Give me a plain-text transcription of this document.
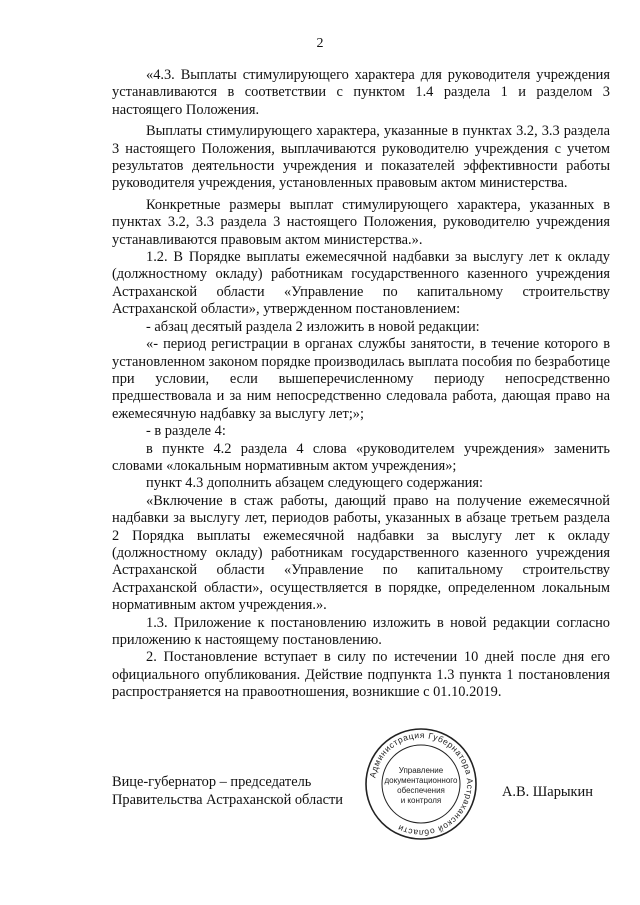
2

«4.3. Выплаты стимулирующего характера для руководителя учреждения устанавливаются в соответствии с пунктом 1.4 раздела 1 и разделом 3 настоящего Положения.

Выплаты стимулирующего характера, указанные в пунктах 3.2, 3.3 раздела 3 настоящего Положения, выплачиваются руководителю учреждения с учетом результатов деятельности учреждения и показателей эффективности работы руководителя учреждения, установленных правовым актом министерства.

Конкретные размеры выплат стимулирующего характера, указанных в пунктах 3.2, 3.3 раздела 3 настоящего Положения, руководителю учреждения устанавливаются правовым актом министерства.».

1.2. В Порядке выплаты ежемесячной надбавки за выслугу лет к окладу (должностному окладу) работникам государственного казенного учреждения Астраханской области «Управление по капитальному строительству Астраханской области», утвержденном постановлением:

- абзац десятый раздела 2 изложить в новой редакции:

«- период регистрации в органах службы занятости, в течение которого в установленном законом порядке производилась выплата пособия по безработице при условии, если вышеперечисленному периоду непосредственно предшествовала и за ним непосредственно следовала работа, дающая право на ежемесячную надбавку за выслугу лет;»;

- в разделе 4:

в пункте 4.2 раздела 4 слова «руководителем учреждения» заменить словами «локальным нормативным актом учреждения»;

пункт 4.3 дополнить абзацем следующего содержания:

«Включение в стаж работы, дающий право на получение ежемесячной надбавки за выслугу лет, периодов работы, указанных в абзаце третьем раздела 2 Порядка выплаты ежемесячной надбавки за выслугу лет к окладу (должностному окладу) работникам государственного казенного учреждения Астраханской области «Управление по капитальному строительству Астраханской области», осуществляется в порядке, определенном локальным нормативным актом учреждения.».

1.3. Приложение к постановлению изложить в новой редакции согласно приложению к настоящему постановлению.

2. Постановление вступает в силу по истечении 10 дней после дня его официального опубликования. Действие подпункта 1.3 пункта 1 постановления распространяется на правоотношения, возникшие с 01.10.2019.

Вице-губернатор – председатель
Правительства Астраханской области
Администрация Губернатора Астраханской области
Управление
документационного
обеспечения
и контроля
А.В. Шарыкин
